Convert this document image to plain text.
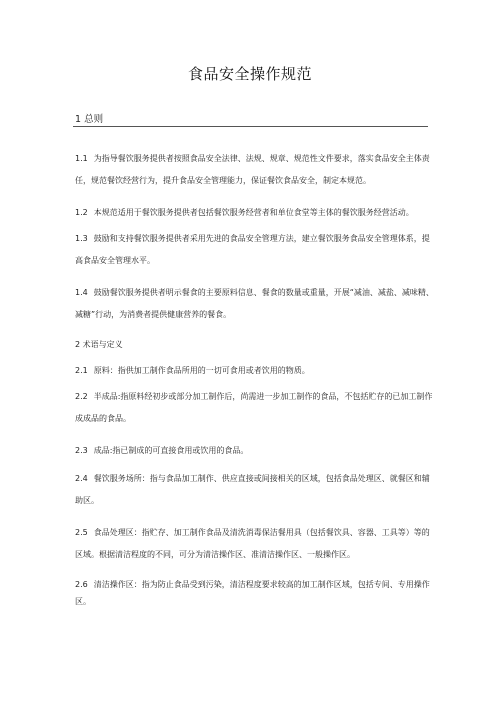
食品安全操作规范
1 总则
1.1 为指导餐饮服务提供者按照食品安全法律、法规、规章、规范性文件要求，落实食品安全主体责任，规范餐饮经营行为，提升食品安全管理能力，保证餐饮食品安全，制定本规范。
1.2 本规范适用于餐饮服务提供者包括餐饮服务经营者和单位食堂等主体的餐饮服务经营活动。
1.3 鼓励和支持餐饮服务提供者采用先进的食品安全管理方法，建立餐饮服务食品安全管理体系，提高食品安全管理水平。
1.4 鼓励餐饮服务提供者明示餐食的主要原料信息、餐食的数量或重量，开展“减油、减盐、减味精、减糖”行动，为消费者提供健康营养的餐食。
2 术语与定义
2.1 原料：指供加工制作食品所用的一切可食用或者饮用的物质。
2.2 半成品:指原料经初步或部分加工制作后，尚需进一步加工制作的食品，不包括贮存的已加工制作成成品的食品。
2.3 成品:指已制成的可直接食用或饮用的食品。
2.4 餐饮服务场所：指与食品加工制作、供应直接或间接相关的区域，包括食品处理区、就餐区和辅助区。
2.5 食品处理区：指贮存、加工制作食品及清洗消毒保洁餐用具（包括餐饮具、容器、工具等）等的区域。根据清洁程度的不同，可分为清洁操作区、准清洁操作区、一般操作区。
2.6 清洁操作区：指为防止食品受到污染，清洁程度要求较高的加工制作区域，包括专间、专用操作区。
